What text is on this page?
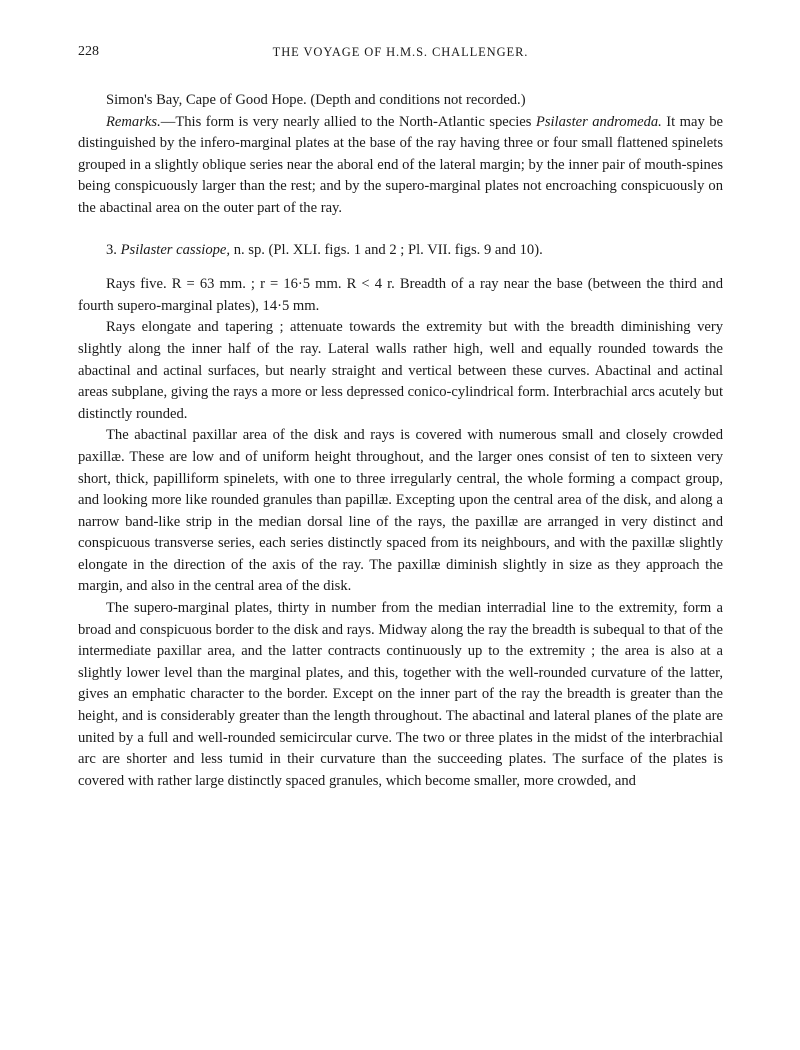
228	THE VOYAGE OF H.M.S. CHALLENGER.

Simon's Bay, Cape of Good Hope. (Depth and conditions not recorded.)

Remarks.—This form is very nearly allied to the North-Atlantic species Psilaster andromeda. It may be distinguished by the infero-marginal plates at the base of the ray having three or four small flattened spinelets grouped in a slightly oblique series near the aboral end of the lateral margin; by the inner pair of mouth-spines being conspicuously larger than the rest; and by the supero-marginal plates not encroaching conspicuously on the abactinal area on the outer part of the ray.

3. Psilaster cassiope, n. sp. (Pl. XLI. figs. 1 and 2 ; Pl. VII. figs. 9 and 10).

Rays five. R = 63 mm. ; r = 16·5 mm. R < 4 r. Breadth of a ray near the base (between the third and fourth supero-marginal plates), 14·5 mm.

Rays elongate and tapering ; attenuate towards the extremity but with the breadth diminishing very slightly along the inner half of the ray. Lateral walls rather high, well and equally rounded towards the abactinal and actinal surfaces, but nearly straight and vertical between these curves. Abactinal and actinal areas subplane, giving the rays a more or less depressed conico-cylindrical form. Interbrachial arcs acutely but distinctly rounded.

The abactinal paxillar area of the disk and rays is covered with numerous small and closely crowded paxillæ. These are low and of uniform height throughout, and the larger ones consist of ten to sixteen very short, thick, papilliform spinelets, with one to three irregularly central, the whole forming a compact group, and looking more like rounded granules than papillæ. Excepting upon the central area of the disk, and along a narrow band-like strip in the median dorsal line of the rays, the paxillæ are arranged in very distinct and conspicuous transverse series, each series distinctly spaced from its neighbours, and with the paxillæ slightly elongate in the direction of the axis of the ray. The paxillæ diminish slightly in size as they approach the margin, and also in the central area of the disk.

The supero-marginal plates, thirty in number from the median interradial line to the extremity, form a broad and conspicuous border to the disk and rays. Midway along the ray the breadth is subequal to that of the intermediate paxillar area, and the latter contracts continuously up to the extremity ; the area is also at a slightly lower level than the marginal plates, and this, together with the well-rounded curvature of the latter, gives an emphatic character to the border. Except on the inner part of the ray the breadth is greater than the height, and is considerably greater than the length throughout. The abactinal and lateral planes of the plate are united by a full and well-rounded semicircular curve. The two or three plates in the midst of the interbrachial arc are shorter and less tumid in their curvature than the succeeding plates. The surface of the plates is covered with rather large distinctly spaced granules, which become smaller, more crowded, and
